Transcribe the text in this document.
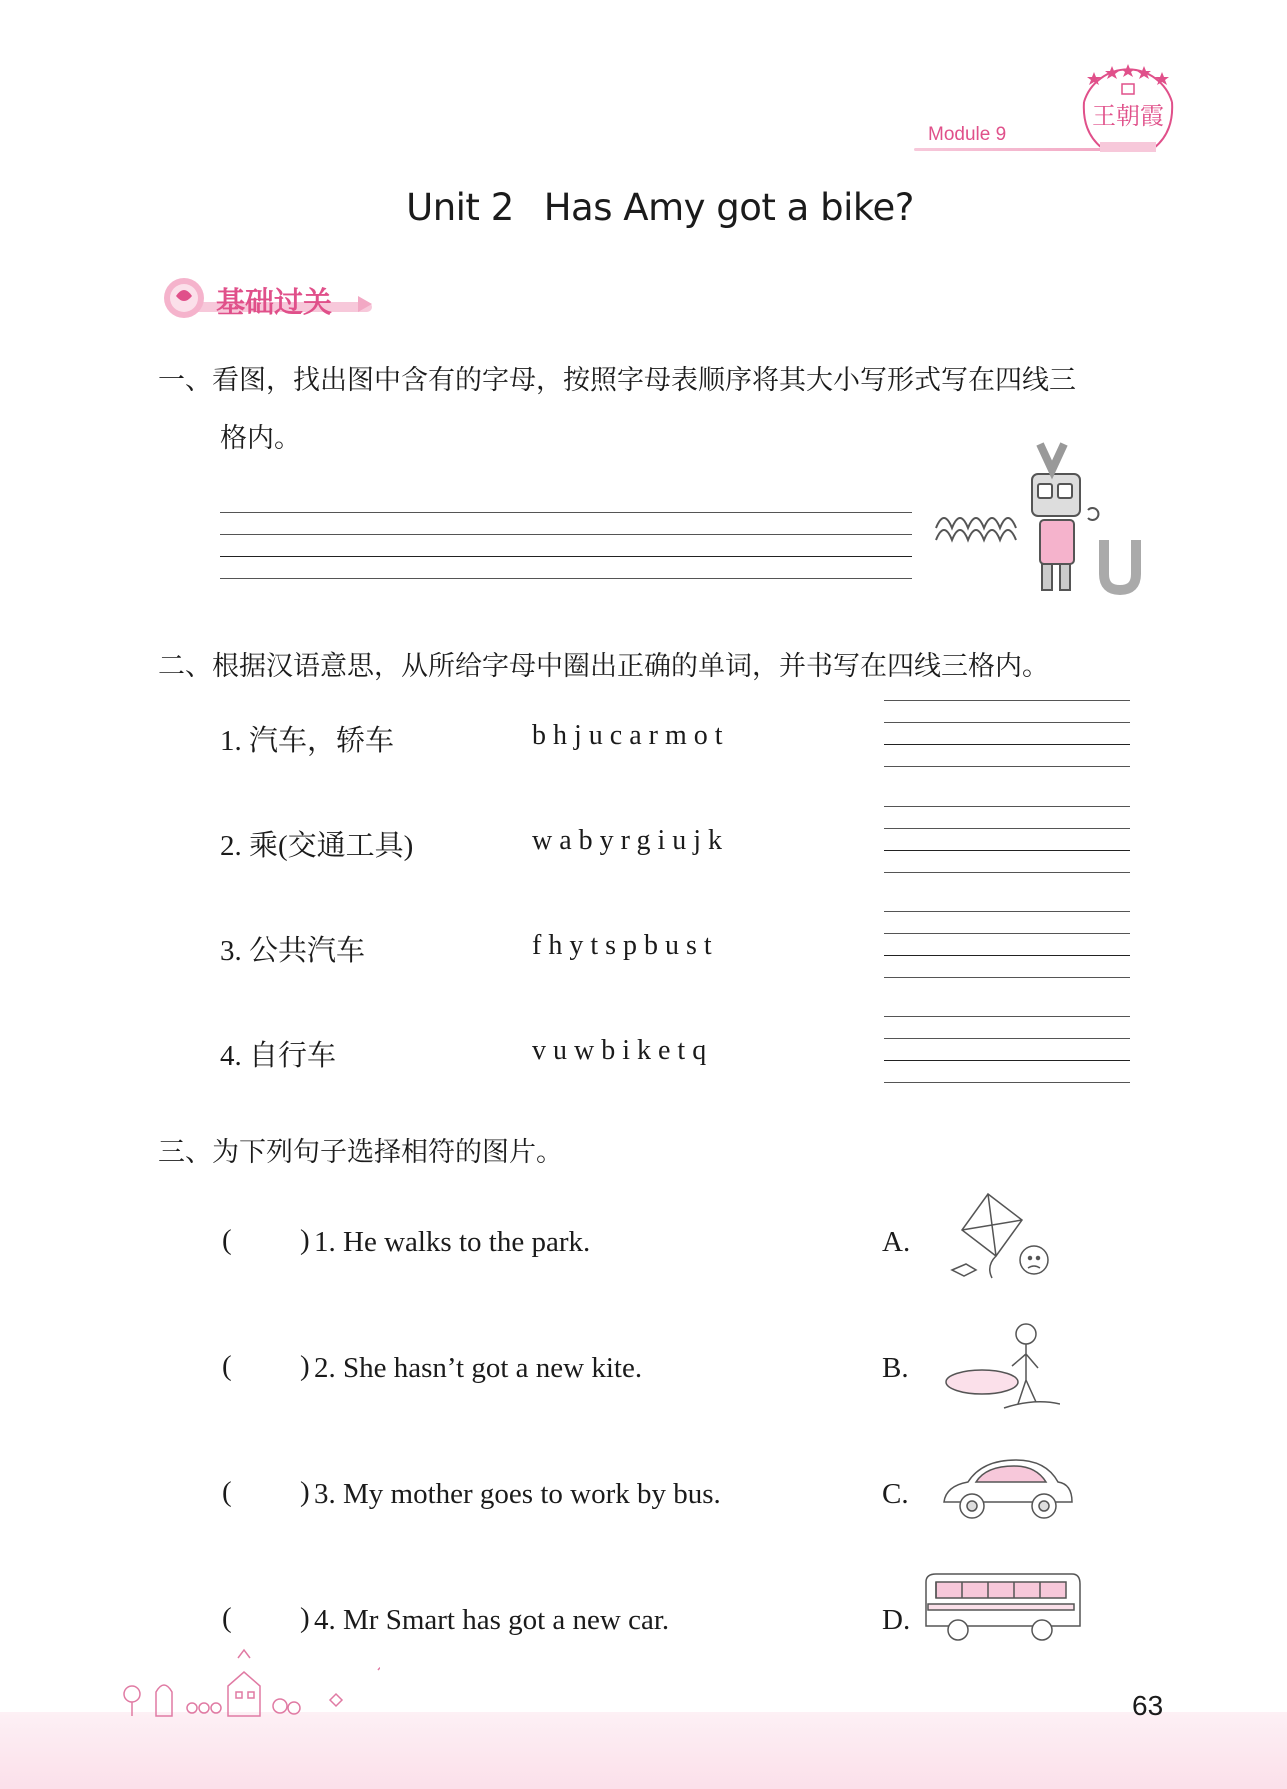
Module 9
王朝霞
Unit 2 Has Amy got a bike?
基础过关
一、看图，找出图中含有的字母，按照字母表顺序将其大小写形式写在四线三
格内。
二、根据汉语意思，从所给字母中圈出正确的单词，并书写在四线三格内。
1. 汽车，轿车	bhjucarmot
2. 乘(交通工具)	wabyrgiujk
3. 公共汽车	fhytspbust
4. 自行车	vuwbiketq
三、为下列句子选择相符的图片。
( ) 1. He walks to the park.	A.
( ) 2. She hasn’t got a new kite.	B.
( ) 3. My mother goes to work by bus.	C.
( ) 4. Mr Smart has got a new car.	D.
63
